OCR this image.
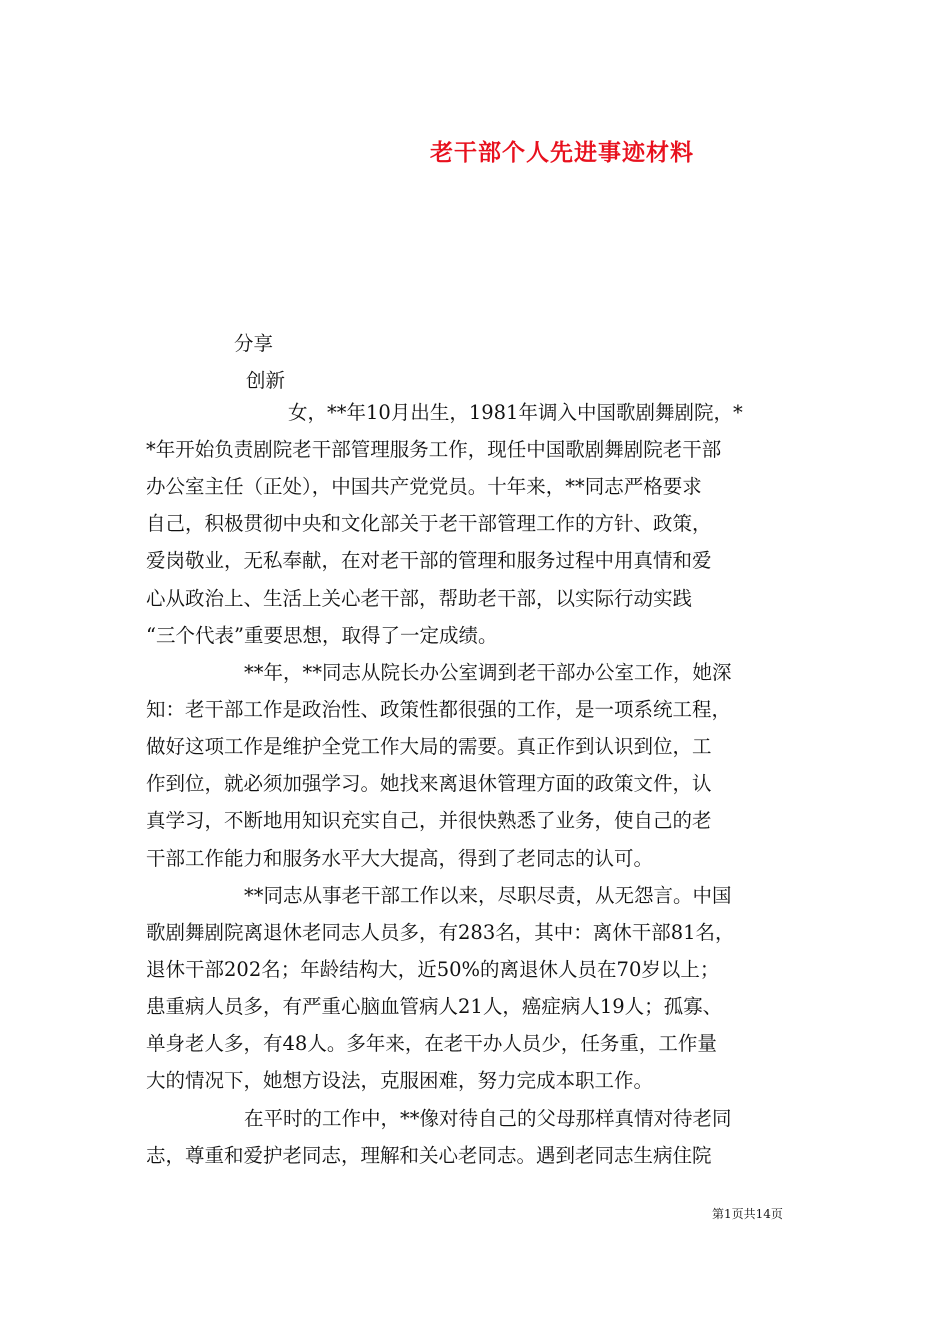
老干部个人先进事迹材料
分享
创新
女，**年10月出生，1981年调入中国歌剧舞剧院，*
*年开始负责剧院老干部管理服务工作，现任中国歌剧舞剧院老干部
办公室主任（正处），中国共产党党员。十年来，**同志严格要求
自己，积极贯彻中央和文化部关于老干部管理工作的方针、政策，
爱岗敬业，无私奉献，在对老干部的管理和服务过程中用真情和爱
心从政治上、生活上关心老干部，帮助老干部，以实际行动实践
“三个代表”重要思想，取得了一定成绩。
**年，**同志从院长办公室调到老干部办公室工作，她深
知：老干部工作是政治性、政策性都很强的工作，是一项系统工程，
做好这项工作是维护全党工作大局的需要。真正作到认识到位，工
作到位，就必须加强学习。她找来离退休管理方面的政策文件，认
真学习，不断地用知识充实自己，并很快熟悉了业务，使自己的老
干部工作能力和服务水平大大提高，得到了老同志的认可。
**同志从事老干部工作以来，尽职尽责，从无怨言。中国
歌剧舞剧院离退休老同志人员多，有283名，其中：离休干部81名，
退休干部202名；年龄结构大，近50%的离退休人员在70岁以上；
患重病人员多，有严重心脑血管病人21人，癌症病人19人；孤寡、
单身老人多，有48人。多年来，在老干办人员少，任务重，工作量
大的情况下，她想方设法，克服困难，努力完成本职工作。
在平时的工作中，**像对待自己的父母那样真情对待老同
志，尊重和爱护老同志，理解和关心老同志。遇到老同志生病住院
第1页共14页
